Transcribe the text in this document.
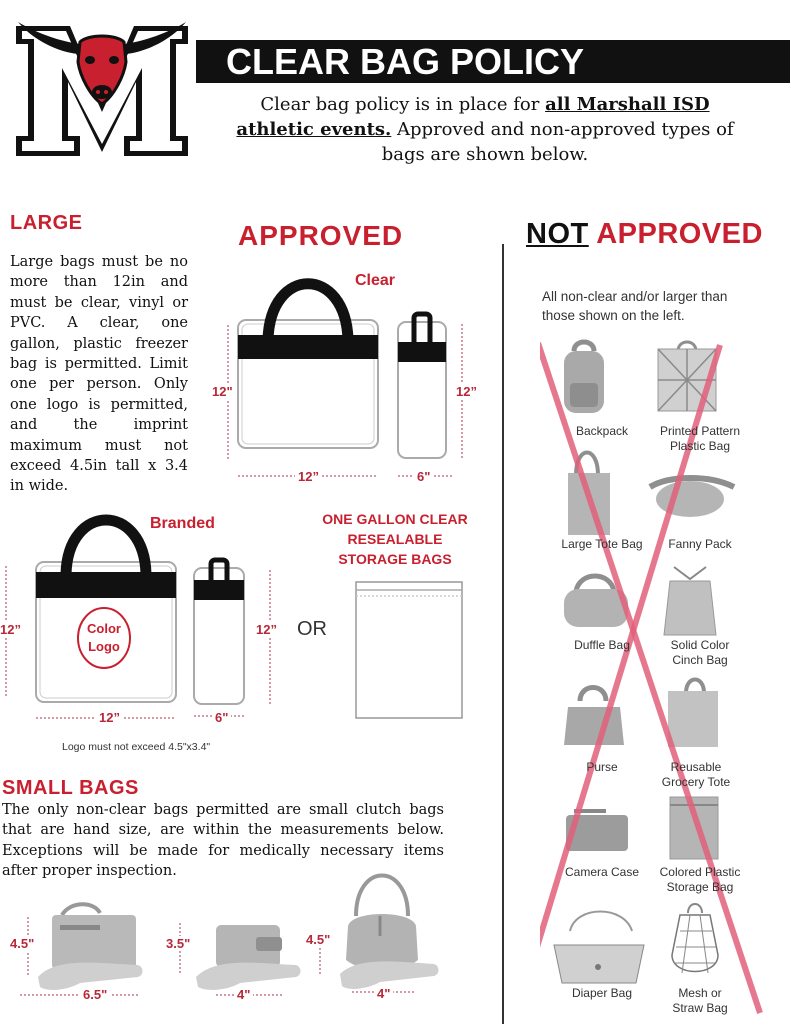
CLEAR BAG POLICY
Clear bag policy is in place for all Marshall ISD athletic events. Approved and non-approved types of bags are shown below.
LARGE
Large bags must be no more than 12in and must be clear, vinyl or PVC. A clear, one gallon, plastic freezer bag is permitted. Limit one per person. Only one logo is permitted, and the imprint maximum must not exceed 4.5in tall x 3.4 in wide.
APPROVED
Clear
12"
12”
12”
6"
Branded
Color
Logo
12”
12”
12”
6"
OR
ONE GALLON CLEAR
RESEALABLE
STORAGE BAGS
Logo must not exceed 4.5"x3.4"
SMALL BAGS
The only non-clear bags permitted are small clutch bags that are hand size, are within the measurements below. Exceptions will be made for medically necessary items after proper inspection.
4.5"
6.5"
3.5"
4"
4.5"
4"
NOT APPROVED
All non-clear and/or larger than those shown on the left.
Backpack	Printed Pattern
Plastic Bag
Large Tote Bag	Fanny Pack
Duffle Bag	Solid Color
Cinch Bag
Purse	Reusable
Grocery Tote
Camera Case	Colored Plastic
Storage Bag
Diaper Bag	Mesh or
Straw Bag
